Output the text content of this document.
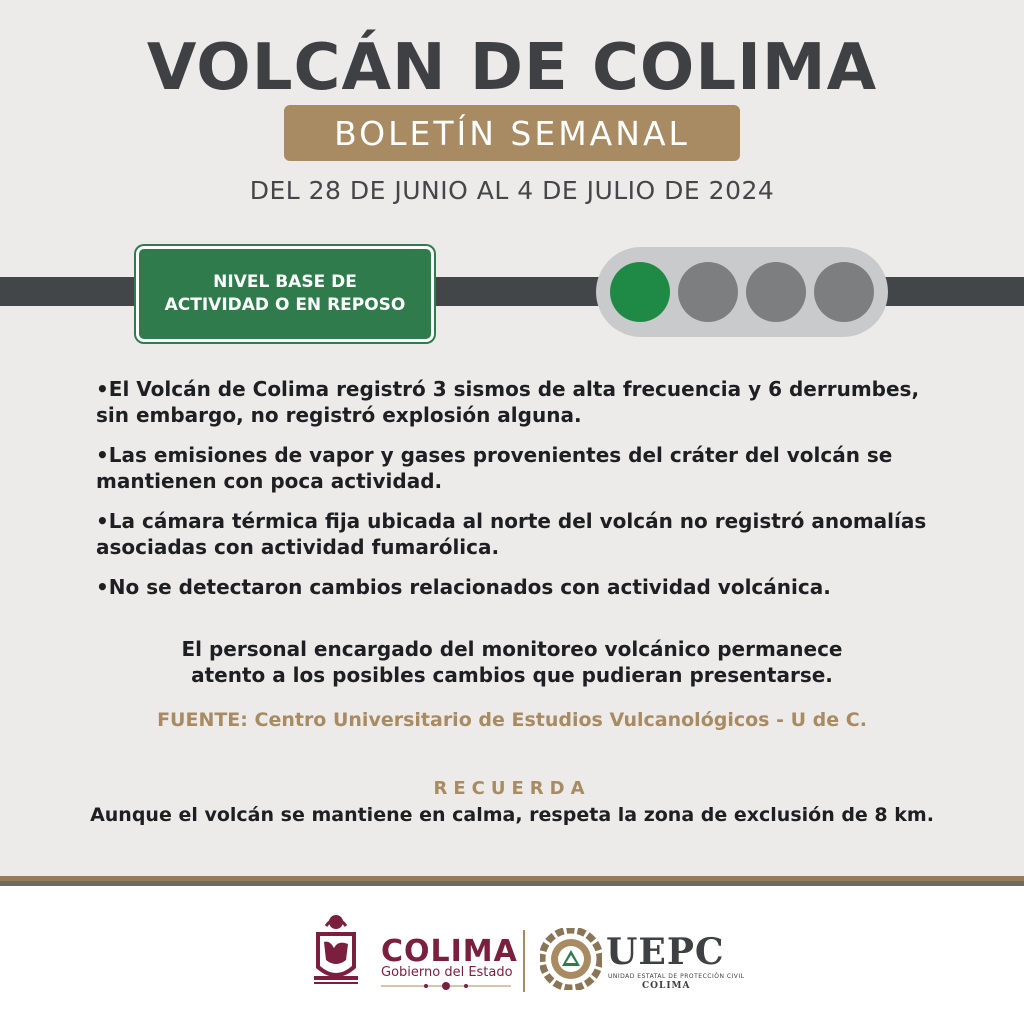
VOLCÁN DE COLIMA
BOLETÍN SEMANAL
DEL 28 DE JUNIO AL 4 DE JULIO DE 2024
NIVEL BASE DE
ACTIVIDAD O EN REPOSO
•El Volcán de Colima registró 3 sismos de alta frecuencia y 6 derrumbes, sin embargo, no registró explosión alguna.
•Las emisiones de vapor y gases provenientes del cráter del volcán se mantienen con poca actividad.
•La cámara térmica fija ubicada al norte del volcán no registró anomalías asociadas con actividad fumarólica.
•No se detectaron cambios relacionados con actividad volcánica.
El personal encargado del monitoreo volcánico permanece
atento a los posibles cambios que pudieran presentarse.
FUENTE: Centro Universitario de Estudios Vulcanológicos - U de C.
RECUERDA
Aunque el volcán se mantiene en calma, respeta la zona de exclusión de 8 km.
COLIMA
Gobierno del Estado	UEPC
UNIDAD ESTATAL DE PROTECCIÓN CIVIL
COLIMA
